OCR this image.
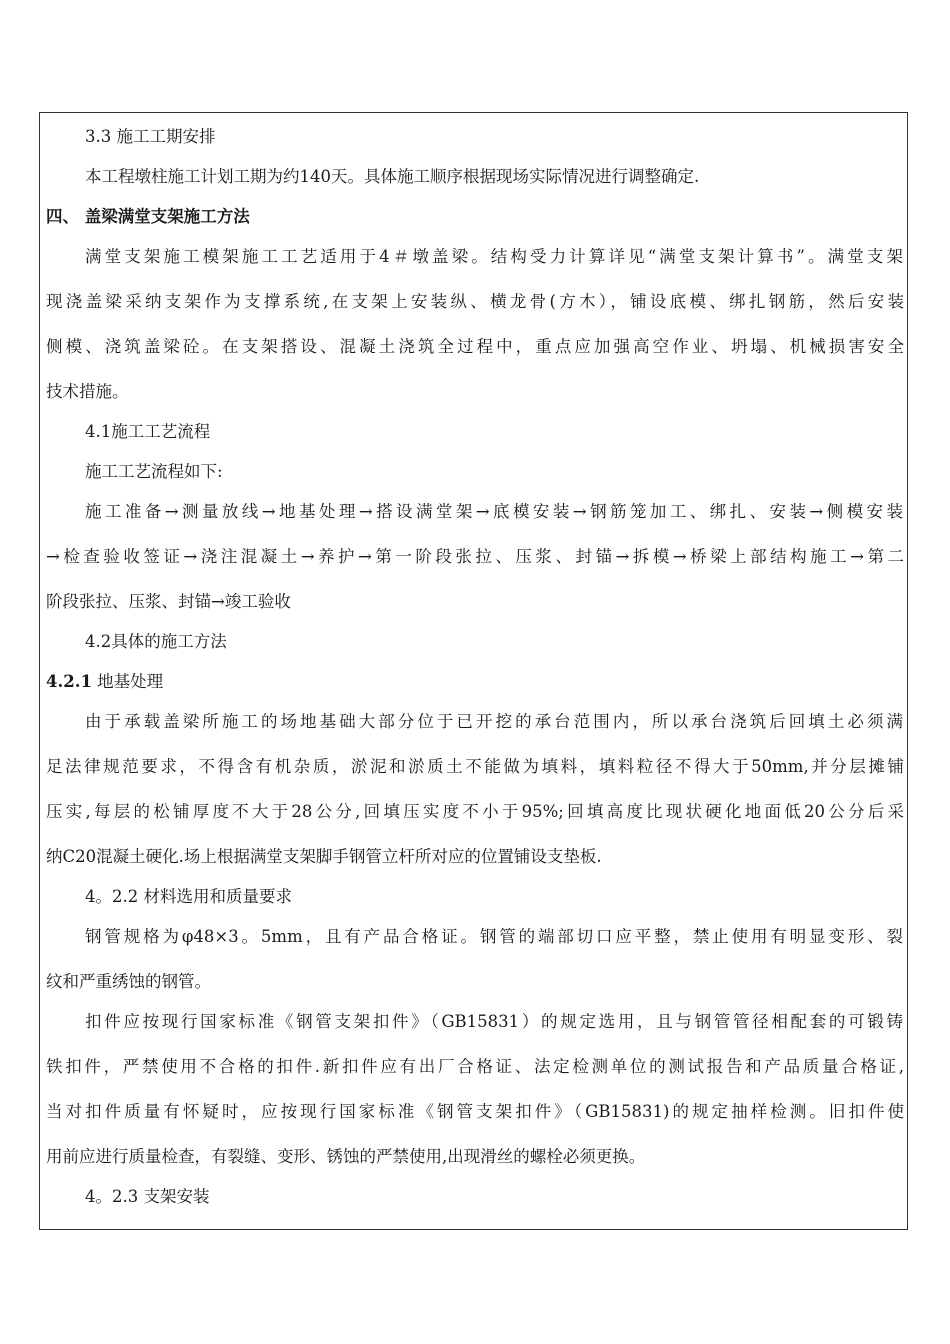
3.3 施工工期安排
本工程墩柱施工计划工期为约140天。具体施工顺序根据现场实际情况进行调整确定.
四、 盖梁满堂支架施工方法
满堂支架施工模架施工工艺适用于4＃墩盖梁。结构受力计算详见“满堂支架计算书”。满堂支架
现浇盖梁采纳支架作为支撑系统,在支架上安装纵、横龙骨(方木），铺设底模、绑扎钢筋，然后安装
侧模、浇筑盖梁砼。在支架搭设、混凝土浇筑全过程中，重点应加强高空作业、坍塌、机械损害安全
技术措施。
4.1施工工艺流程
施工工艺流程如下:
施工准备→测量放线→地基处理→搭设满堂架→底模安装→钢筋笼加工、绑扎、安装→侧模安装
→检查验收签证→浇注混凝土→养护→第一阶段张拉、压浆、封锚→拆模→桥梁上部结构施工→第二
阶段张拉、压浆、封锚→竣工验收
4.2具体的施工方法
4.2.1 地基处理
由于承载盖梁所施工的场地基础大部分位于已开挖的承台范围内，所以承台浇筑后回填土必须满
足法律规范要求，不得含有机杂质，淤泥和淤质土不能做为填料，填料粒径不得大于50mm,并分层摊铺
压实,每层的松铺厚度不大于28公分,回填压实度不小于95%;回填高度比现状硬化地面低20公分后采
纳C20混凝土硬化.场上根据满堂支架脚手钢管立杆所对应的位置铺设支垫板.
4。2.2 材料选用和质量要求
钢管规格为φ48×3。5mm，且有产品合格证。钢管的端部切口应平整，禁止使用有明显变形、裂
纹和严重绣蚀的钢管。
扣件应按现行国家标准《钢管支架扣件》（GB15831）的规定选用，且与钢管管径相配套的可锻铸
铁扣件，严禁使用不合格的扣件.新扣件应有出厂合格证、法定检测单位的测试报告和产品质量合格证,
当对扣件质量有怀疑时，应按现行国家标准《钢管支架扣件》（GB15831)的规定抽样检测。旧扣件使
用前应进行质量检查，有裂缝、变形、锈蚀的严禁使用,出现滑丝的螺栓必须更换。
4。2.3 支架安装
